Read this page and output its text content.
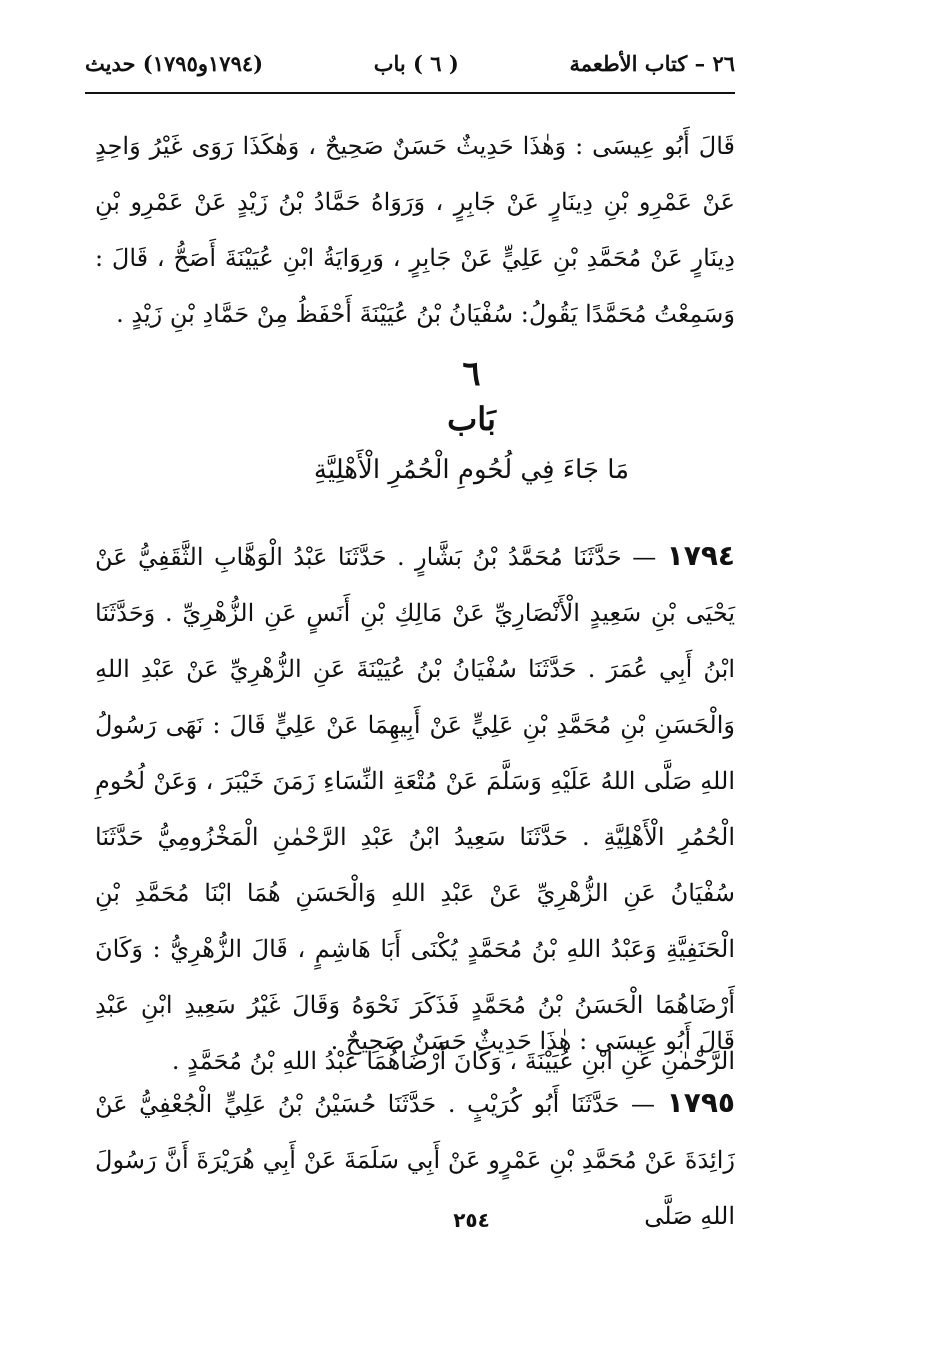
٢٦ – كتاب الأطعمة
( ٦ ) باب
(١٧٩٤و١٧٩٥) حديث
قَالَ أَبُو عِيسَى : وَهٰذَا حَدِيثٌ حَسَنٌ صَحِيحٌ ، وَهٰكَذَا رَوَى غَيْرُ وَاحِدٍ عَنْ عَمْرِو بْنِ دِينَارٍ عَنْ جَابِرٍ ، وَرَوَاهُ حَمَّادُ بْنُ زَيْدٍ عَنْ عَمْرِو بْنِ دِينَارٍ عَنْ مُحَمَّدِ بْنِ عَلِيٍّ عَنْ جَابِرٍ ، وَرِوَايَةُ ابْنِ عُيَيْنَةَ أَصَحُّ ، قَالَ : وَسَمِعْتُ مُحَمَّدًا يَقُولُ: سُفْيَانُ بْنُ عُيَيْنَةَ أَحْفَظُ مِنْ حَمَّادِ بْنِ زَيْدٍ .
٦
بَاب
مَا جَاءَ فِي لُحُومِ الْحُمُرِ الْأَهْلِيَّةِ
١٧٩٤ — حَدَّثَنَا مُحَمَّدُ بْنُ بَشَّارٍ . حَدَّثَنَا عَبْدُ الْوَهَّابِ الثَّقَفِيُّ عَنْ يَحْيَى بْنِ سَعِيدٍ الْأَنْصَارِيِّ عَنْ مَالِكِ بْنِ أَنَسٍ عَنِ الزُّهْرِيِّ . وَحَدَّثَنَا ابْنُ أَبِي عُمَرَ . حَدَّثَنَا سُفْيَانُ بْنُ عُيَيْنَةَ عَنِ الزُّهْرِيِّ عَنْ عَبْدِ اللهِ وَالْحَسَنِ بْنِ مُحَمَّدِ بْنِ عَلِيٍّ عَنْ أَبِيهِمَا عَنْ عَلِيٍّ قَالَ : نَهَى رَسُولُ اللهِ صَلَّى اللهُ عَلَيْهِ وَسَلَّمَ عَنْ مُتْعَةِ النِّسَاءِ زَمَنَ خَيْبَرَ ، وَعَنْ لُحُومِ الْحُمُرِ الْأَهْلِيَّةِ . حَدَّثَنَا سَعِيدُ ابْنُ عَبْدِ الرَّحْمٰنِ الْمَخْزُومِيُّ حَدَّثَنَا سُفْيَانُ عَنِ الزُّهْرِيِّ عَنْ عَبْدِ اللهِ وَالْحَسَنِ هُمَا ابْنَا مُحَمَّدِ بْنِ الْحَنَفِيَّةِ وَعَبْدُ اللهِ بْنُ مُحَمَّدٍ يُكْنَى أَبَا هَاشِمٍ ، قَالَ الزُّهْرِيُّ : وَكَانَ أَرْضَاهُمَا الْحَسَنُ بْنُ مُحَمَّدٍ فَذَكَرَ نَحْوَهُ وَقَالَ غَيْرُ سَعِيدِ ابْنِ عَبْدِ الرَّحْمٰنِ عَنِ ابْنِ عُيَيْنَةَ ، وَكَانَ أَرْضَاهُمَا عَبْدُ اللهِ بْنُ مُحَمَّدٍ .
قَالَ أَبُو عِيسَى : هٰذَا حَدِيثٌ حَسَنٌ صَحِيحٌ .
١٧٩٥ — حَدَّثَنَا أَبُو كُرَيْبٍ . حَدَّثَنَا حُسَيْنُ بْنُ عَلِيٍّ الْجُعْفِيُّ عَنْ زَائِدَةَ عَنْ مُحَمَّدِ بْنِ عَمْرٍو عَنْ أَبِي سَلَمَةَ عَنْ أَبِي هُرَيْرَةَ أَنَّ رَسُولَ اللهِ صَلَّى
٢٥٤
